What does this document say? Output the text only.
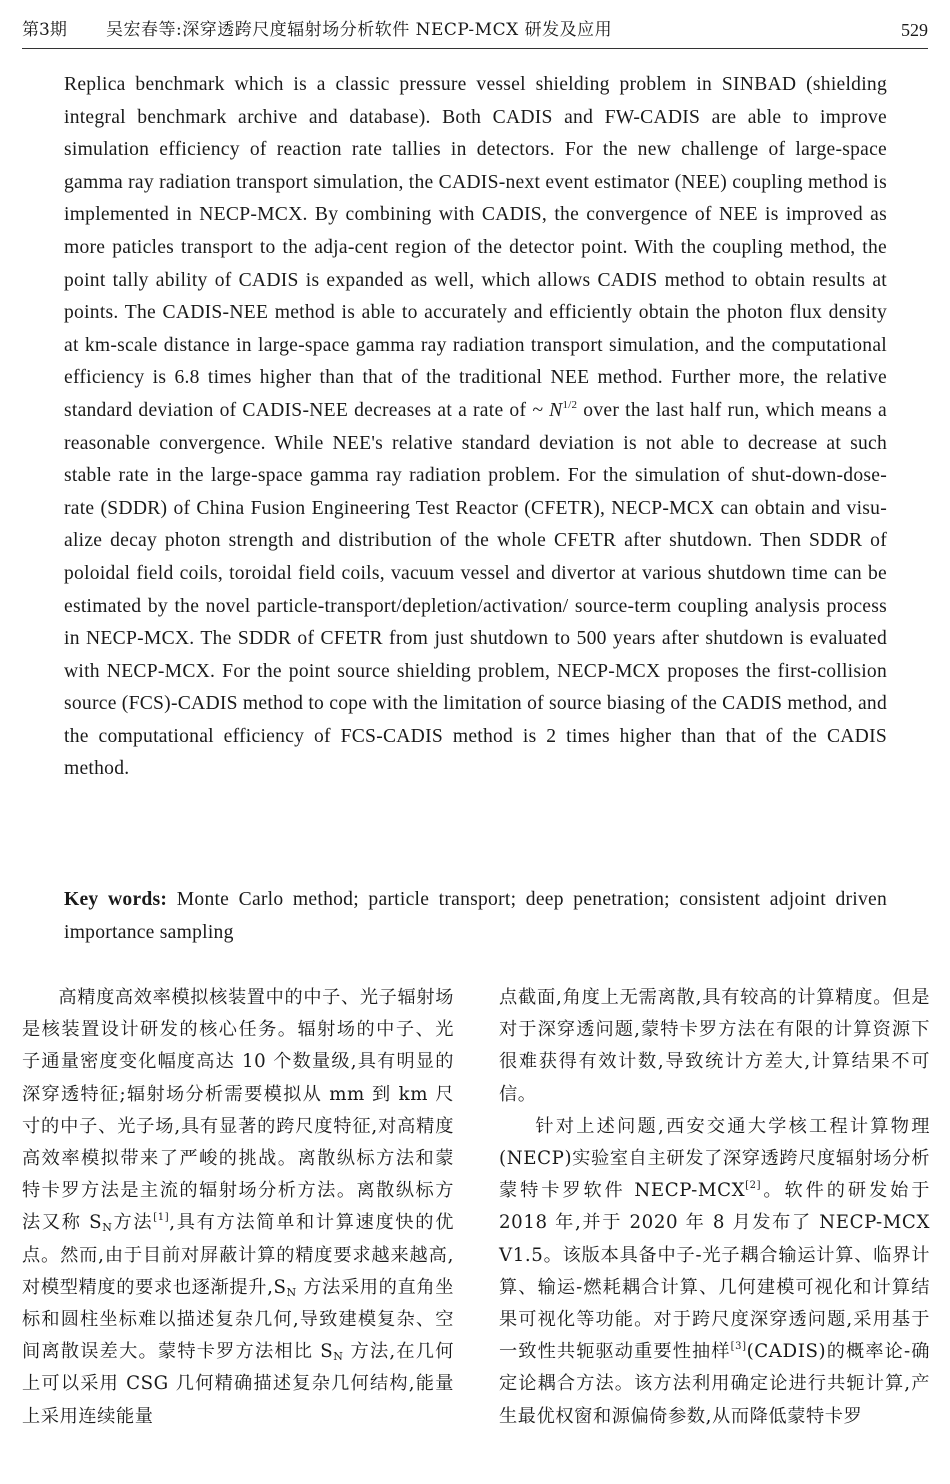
第3期 吴宏春等:深穿透跨尺度辐射场分析软件 NECP-MCX 研发及应用	529

Replica benchmark which is a classic pressure vessel shielding problem in SINBAD (shielding integral benchmark archive and database). Both CADIS and FW-CADIS are able to improve simulation efficiency of reaction rate tallies in detectors. For the new challenge of large-space gamma ray radiation transport simulation, the CADIS-next event estimator (NEE) coupling method is implemented in NECP-MCX. By combining with CADIS, the convergence of NEE is improved as more paticles transport to the adja-cent region of the detector point. With the coupling method, the point tally ability of CADIS is expanded as well, which allows CADIS method to obtain results at points. The CADIS-NEE method is able to accurately and efficiently obtain the photon flux density at km-scale distance in large-space gamma ray radiation transport simulation, and the computational efficiency is 6.8 times higher than that of the traditional NEE method. Further more, the relative standard deviation of CADIS-NEE decreases at a rate of ~ $N^{1/2}$ over the last half run, which means a reasonable convergence. While NEE's relative standard deviation is not able to decrease at such stable rate in the large-space gamma ray radiation problem. For the simulation of shut-down-dose-rate (SDDR) of China Fusion Engineering Test Reactor (CFETR), NECP-MCX can obtain and visu-alize decay photon strength and distribution of the whole CFETR after shutdown. Then SDDR of poloidal field coils, toroidal field coils, vacuum vessel and divertor at various shutdown time can be estimated by the novel particle-transport/depletion/activation/ source-term coupling analysis process in NECP-MCX. The SDDR of CFETR from just shutdown to 500 years after shutdown is evaluated with NECP-MCX. For the point source shielding problem, NECP-MCX proposes the first-collision source (FCS)-CADIS method to cope with the limitation of source biasing of the CADIS method, and the computational efficiency of FCS-CADIS method is 2 times higher than that of the CADIS method.

Key words: Monte Carlo method; particle transport; deep penetration; consistent adjoint driven importance sampling

高精度高效率模拟核装置中的中子、光子辐射场是核装置设计研发的核心任务。辐射场的中子、光子通量密度变化幅度高达 10 个数量级,具有明显的深穿透特征;辐射场分析需要模拟从 mm 到 km 尺寸的中子、光子场,具有显著的跨尺度特征,对高精度高效率模拟带来了严峻的挑战。离散纵标方法和蒙特卡罗方法是主流的辐射场分析方法。离散纵标方法又称 $S_N$方法[1],具有方法简单和计算速度快的优点。然而,由于目前对屏蔽计算的精度要求越来越高,对模型精度的要求也逐渐提升$,S_N$ 方法采用的直角坐标和圆柱坐标难以描述复杂几何,导致建模复杂、空间离散误差大。蒙特卡罗方法相比 $S_N$ 方法,在几何上可以采用 CSG 几何精确描述复杂几何结构,能量上采用连续能量

点截面,角度上无需离散,具有较高的计算精度。但是对于深穿透问题,蒙特卡罗方法在有限的计算资源下很难获得有效计数,导致统计方差大,计算结果不可信。

针对上述问题,西安交通大学核工程计算物理(NECP)实验室自主研发了深穿透跨尺度辐射场分析蒙特卡罗软件 NECP-MCX[2]。软件的研发始于 2018 年,并于 2020 年 8 月发布了 NECP-MCX V1.5。该版本具备中子-光子耦合输运计算、临界计算、输运-燃耗耦合计算、几何建模可视化和计算结果可视化等功能。对于跨尺度深穿透问题,采用基于一致性共轭驱动重要性抽样[3](CADIS)的概率论-确定论耦合方法。该方法利用确定论进行共轭计算,产生最优权窗和源偏倚参数,从而降低蒙特卡罗
